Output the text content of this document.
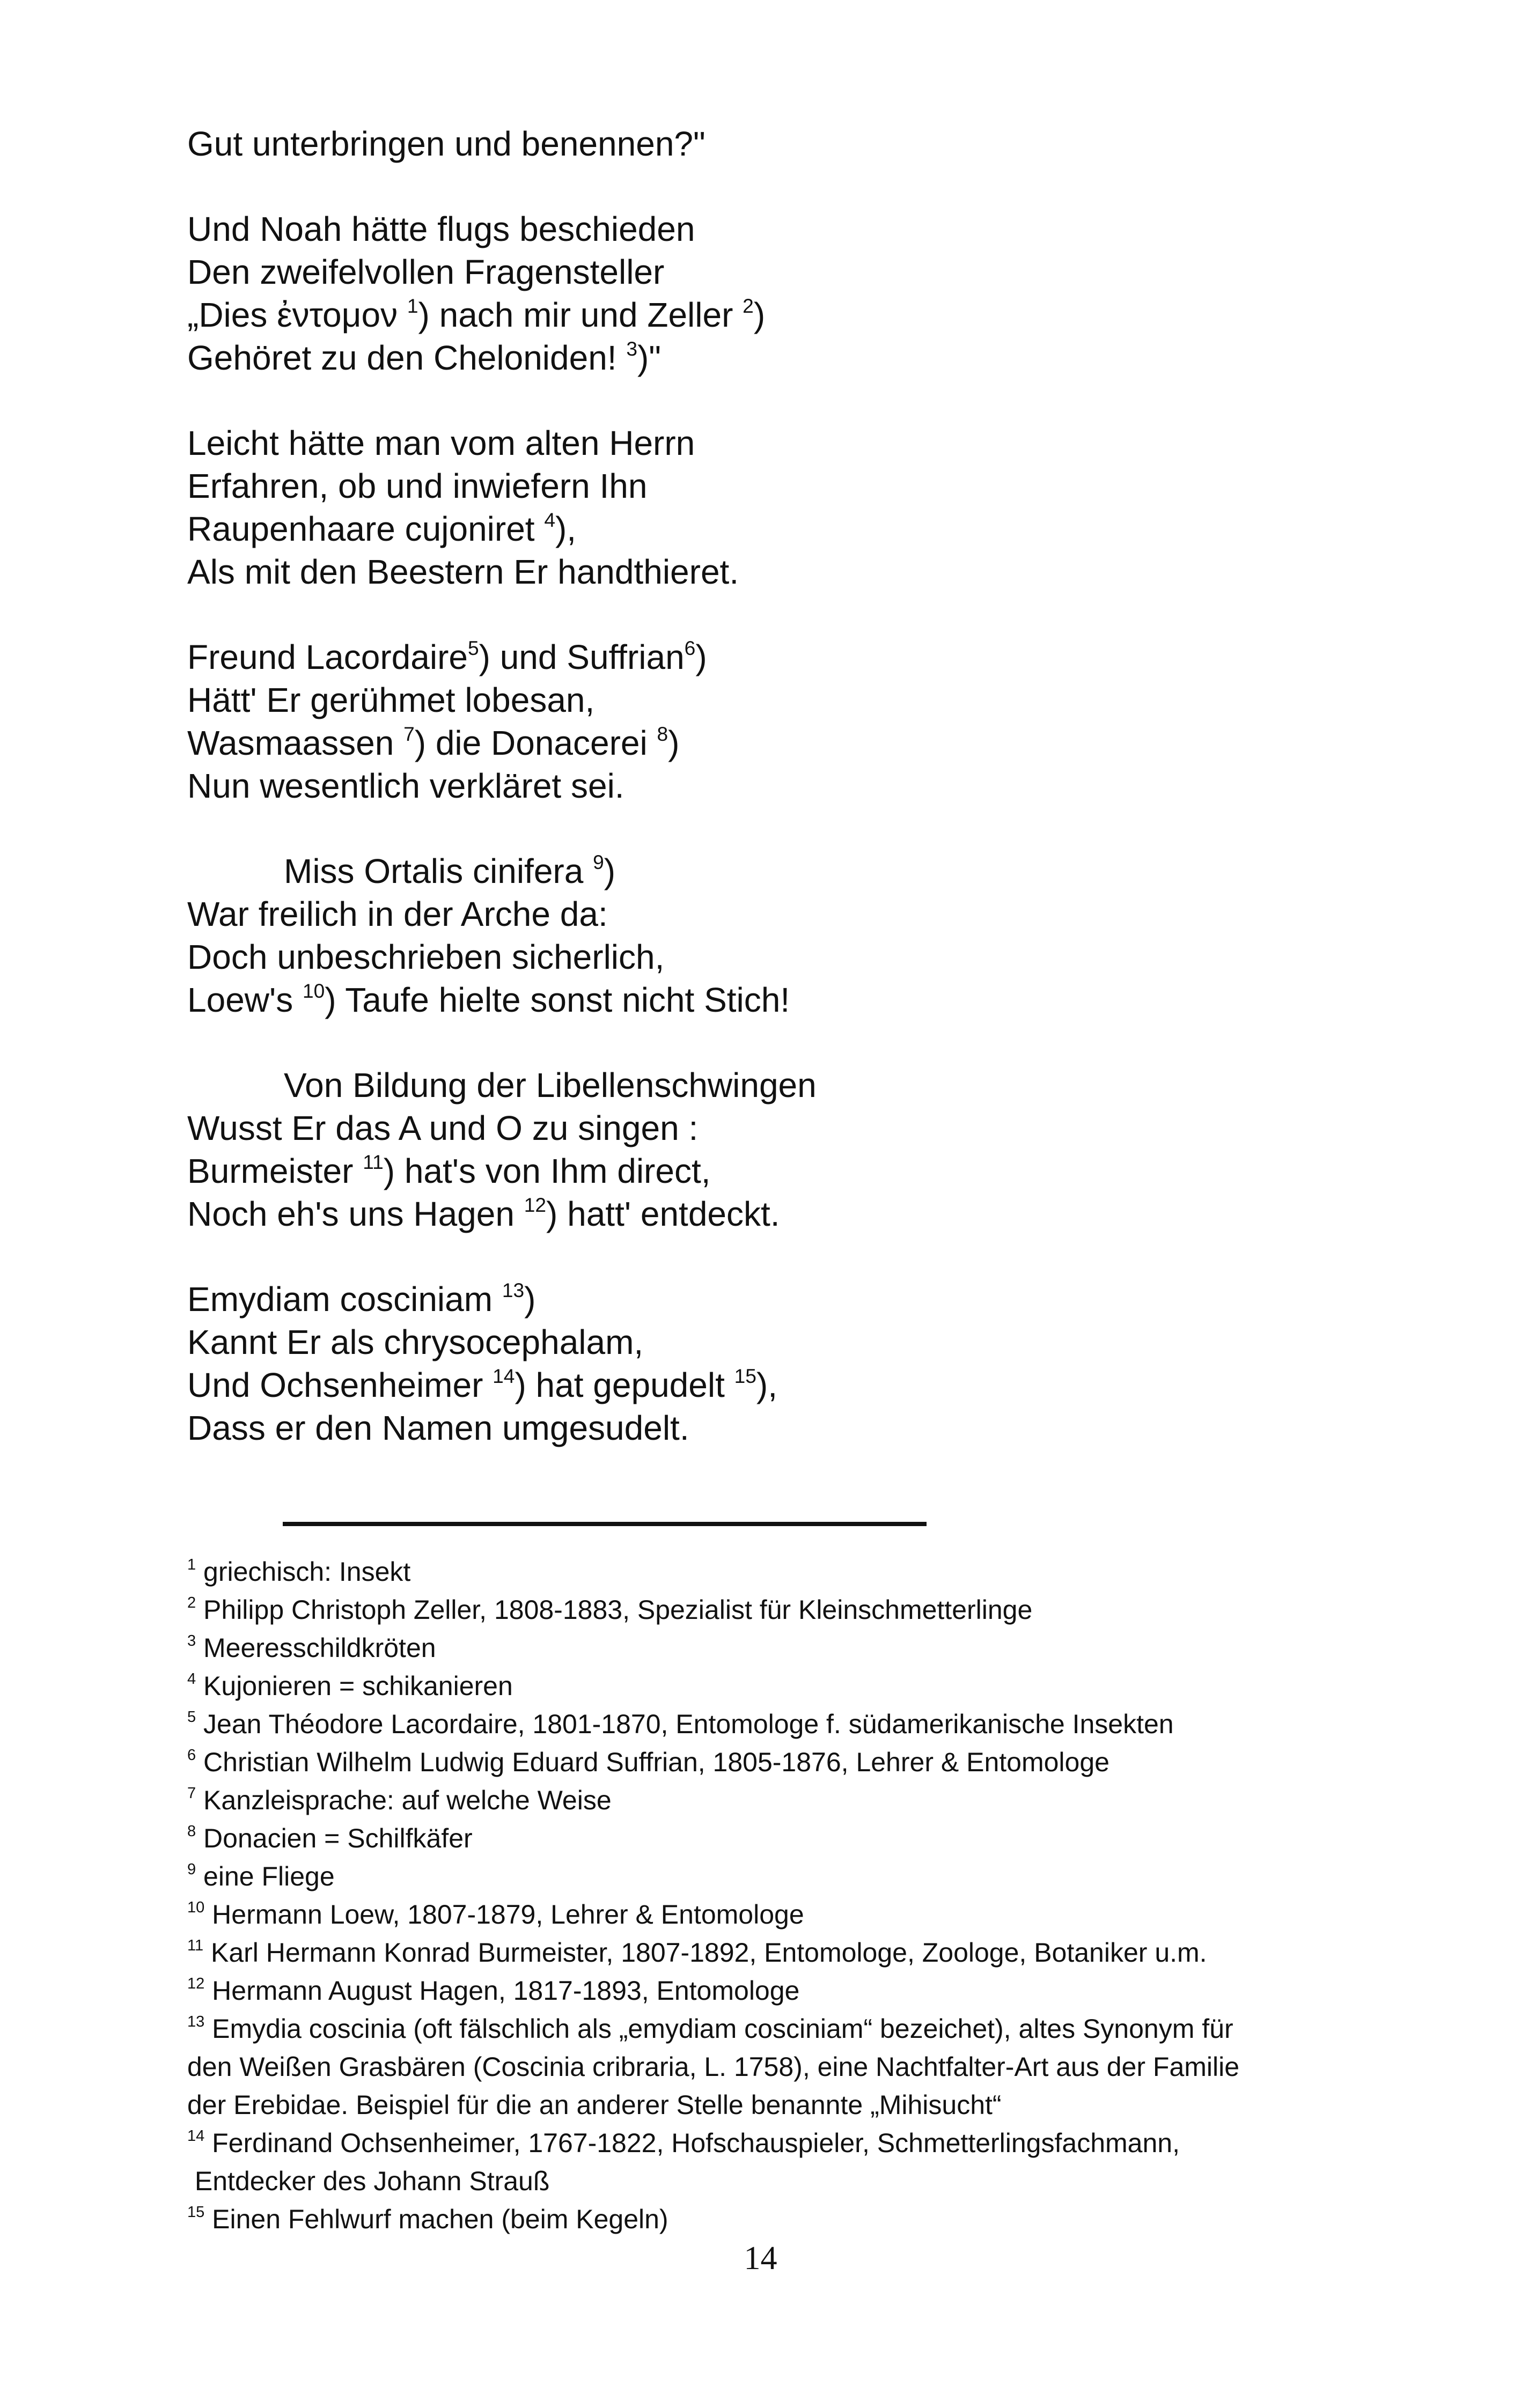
Gut unterbringen und benennen?"
Und Noah hätte flugs beschieden
Den zweifelvollen Fragensteller
„Dies ἐντομον $^1$) nach mir und Zeller $^2$)
Gehöret zu den Cheloniden! $^3$)"
Leicht hätte man vom alten Herrn
Erfahren, ob und inwiefern Ihn
Raupenhaare cujoniret $^4$),
Als mit den Beestern Er handthieret.
Freund Lacordaire$^5$) und Suffrian$^6$)
Hätt' Er gerühmet lobesan,
Wasmaassen $^7$) die Donacerei $^8$)
Nun wesentlich verkläret sei.
Miss Ortalis cinifera $^9$)
War freilich in der Arche da:
Doch unbeschrieben sicherlich,
Loew's $^{10}$) Taufe hielte sonst nicht Stich!
Von Bildung der Libellenschwingen
Wusst Er das A und O zu singen :
Burmeister $^{11}$) hat's von Ihm direct,
Noch eh's uns Hagen $^{12}$) hatt' entdeckt.
Emydiam cosciniam $^{13}$)
Kannt Er als chrysocephalam,
Und Ochsenheimer $^{14}$) hat gepudelt $^{15}$),
Dass er den Namen umgesudelt.
$^1$ griechisch: Insekt
$^2$ Philipp Christoph Zeller, 1808-1883, Spezialist für Kleinschmetterlinge
$^3$ Meeresschildkröten
$^4$ Kujonieren = schikanieren
$^5$ Jean Théodore Lacordaire, 1801-1870, Entomologe f. südamerikanische Insekten
$^6$ Christian Wilhelm Ludwig Eduard Suffrian, 1805-1876, Lehrer & Entomologe
$^7$ Kanzleisprache: auf welche Weise
$^8$ Donacien = Schilfkäfer
$^9$ eine Fliege
$^{10}$ Hermann Loew, 1807-1879, Lehrer & Entomologe
$^{11}$ Karl Hermann Konrad Burmeister, 1807-1892, Entomologe, Zoologe, Botaniker u.m.
$^{12}$ Hermann August Hagen, 1817-1893, Entomologe
$^{13}$ Emydia coscinia (oft fälschlich als „emydiam cosciniam“ bezeichet), altes Synonym für
den Weißen Grasbären (Coscinia cribraria, L. 1758), eine Nachtfalter-Art aus der Familie
der Erebidae. Beispiel für die an anderer Stelle benannte „Mihisucht“
$^{14}$ Ferdinand Ochsenheimer, 1767-1822, Hofschauspieler, Schmetterlingsfachmann,
Entdecker des Johann Strauß
$^{15}$ Einen Fehlwurf machen (beim Kegeln)
14
